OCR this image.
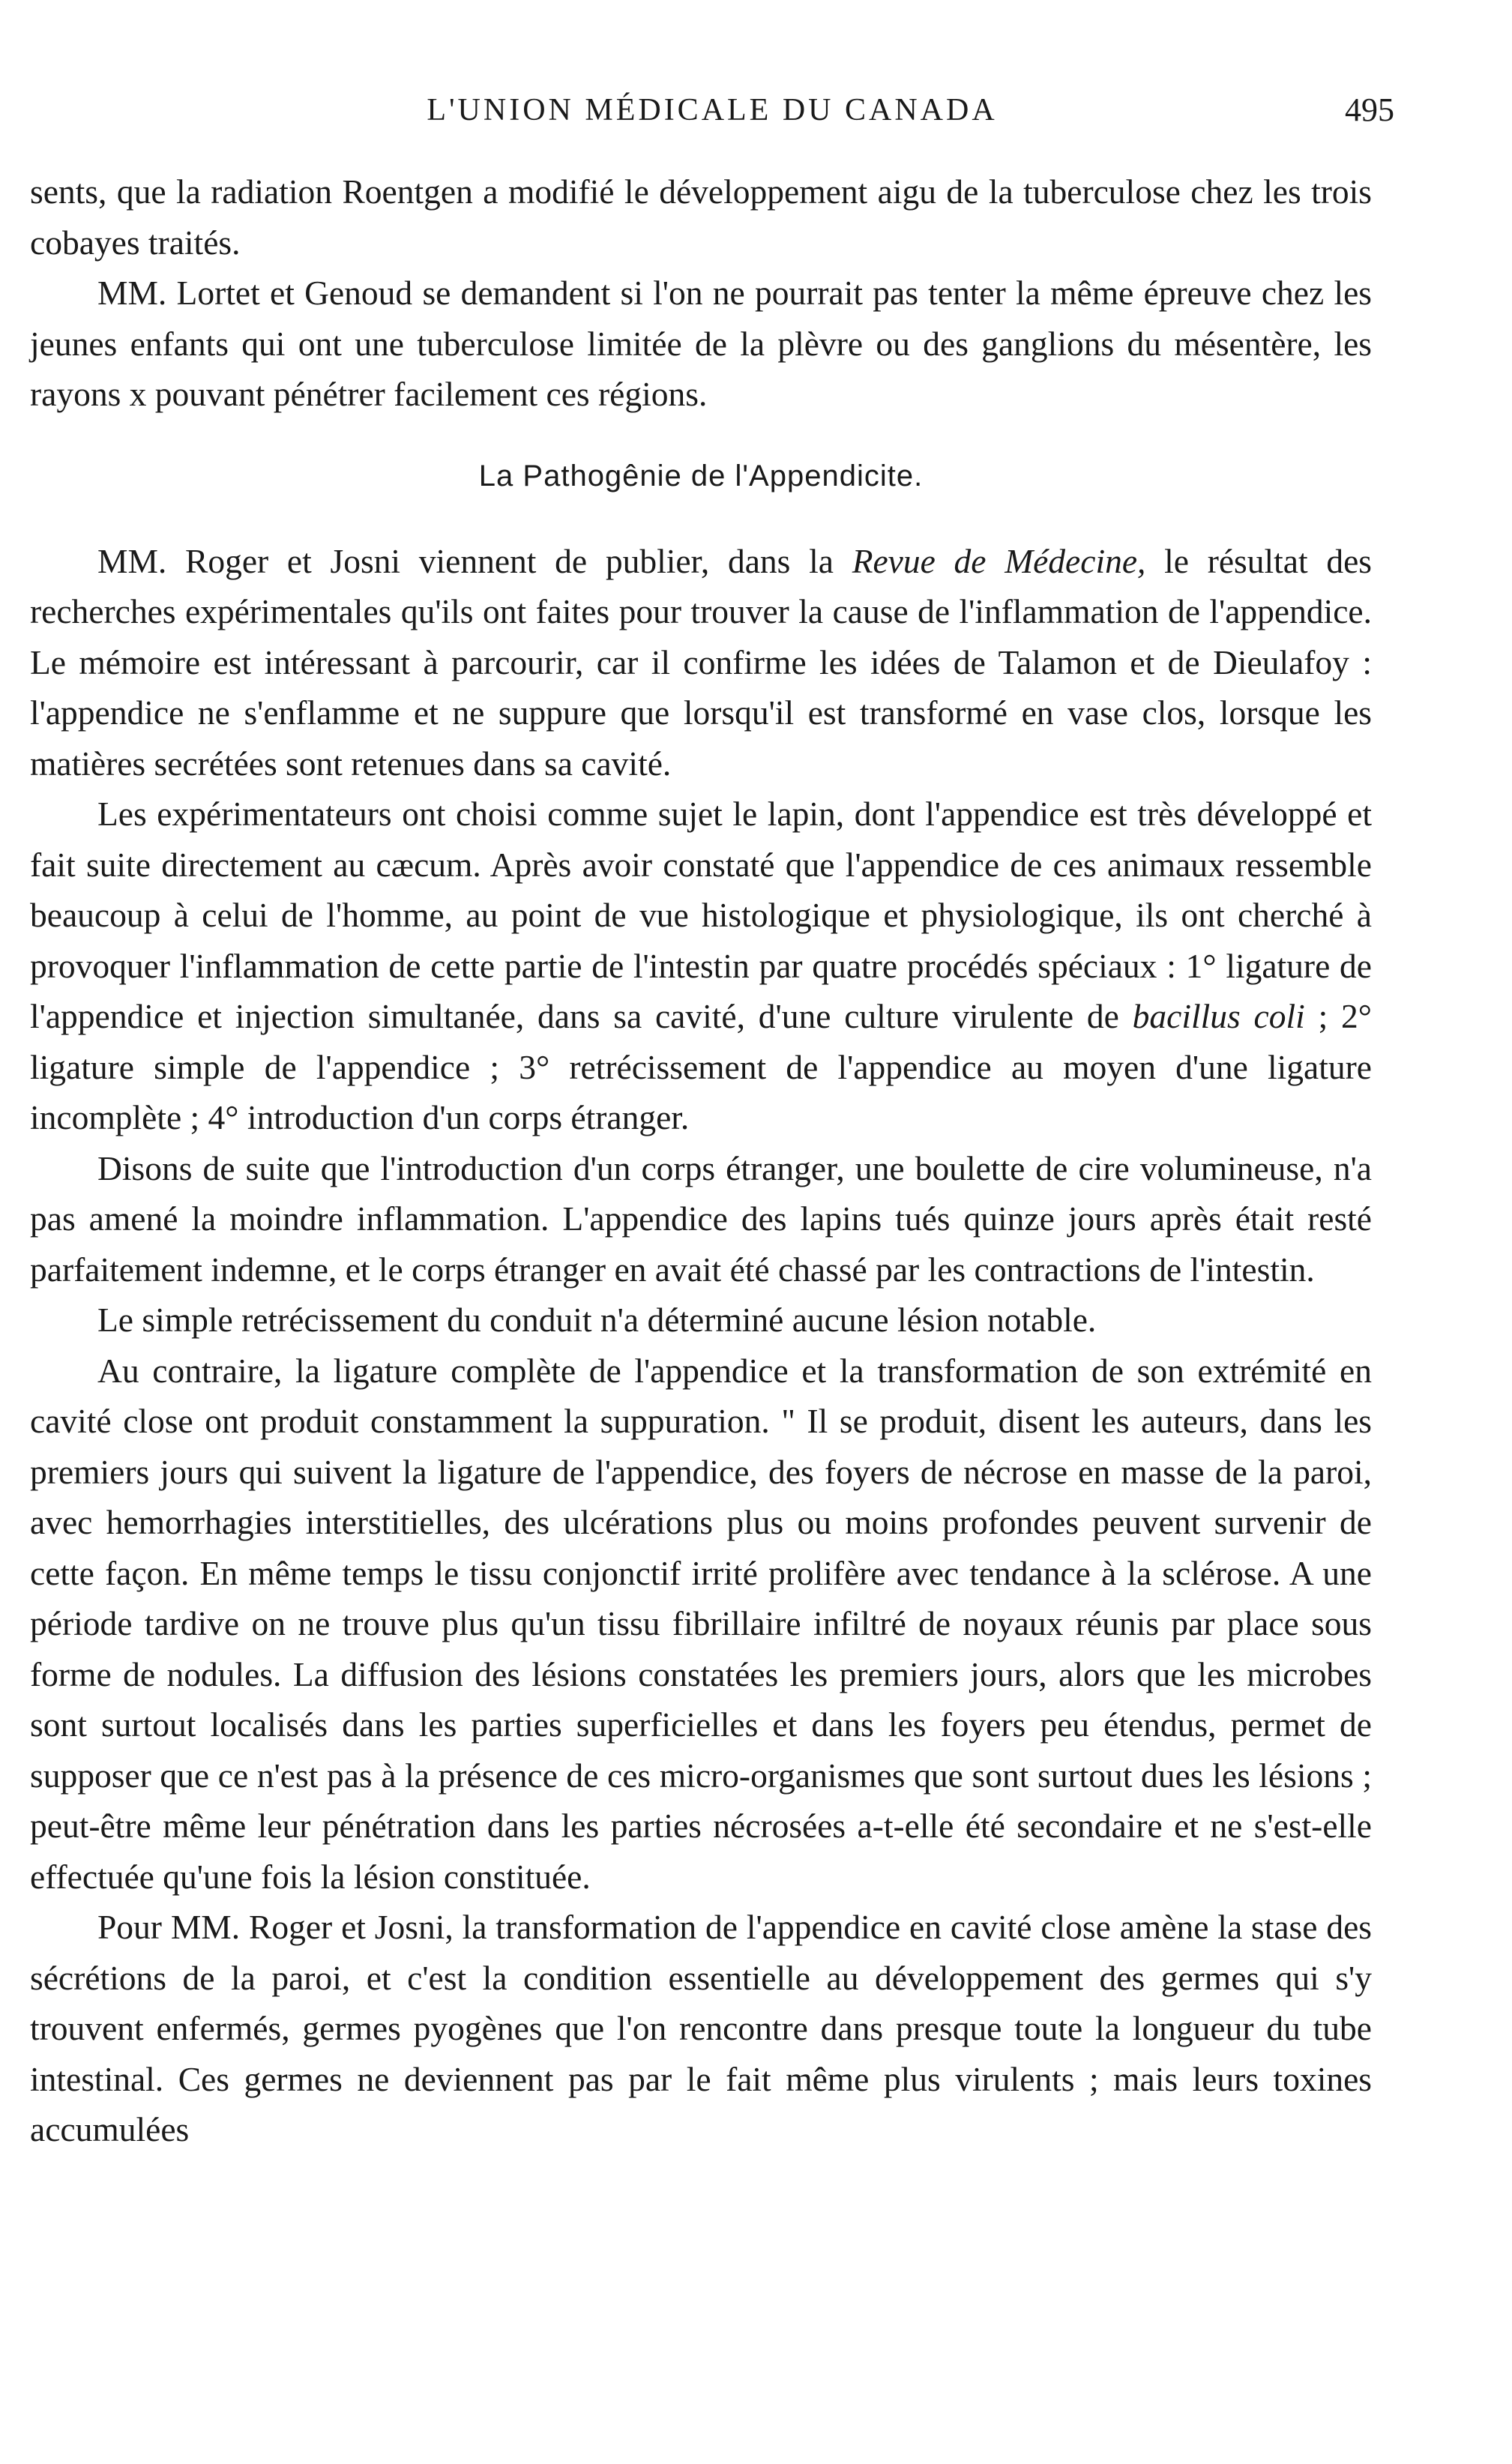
L'UNION MÉDICALE DU CANADA	495

sents, que la radiation Roentgen a modifié le développement aigu de la tuberculose chez les trois cobayes traités.

MM. Lortet et Genoud se demandent si l'on ne pourrait pas tenter la même épreuve chez les jeunes enfants qui ont une tuberculose limitée de la plèvre ou des ganglions du mésentère, les rayons x pouvant pénétrer facilement ces régions.

La Pathogênie de l'Appendicite.

MM. Roger et Josni viennent de publier, dans la Revue de Médecine, le résultat des recherches expérimentales qu'ils ont faites pour trouver la cause de l'inflammation de l'appendice. Le mémoire est intéressant à parcourir, car il confirme les idées de Talamon et de Dieulafoy : l'appendice ne s'enflamme et ne suppure que lorsqu'il est transformé en vase clos, lorsque les matières secrétées sont retenues dans sa cavité.

Les expérimentateurs ont choisi comme sujet le lapin, dont l'appendice est très développé et fait suite directement au cæcum. Après avoir constaté que l'appendice de ces animaux ressemble beaucoup à celui de l'homme, au point de vue histologique et physiologique, ils ont cherché à provoquer l'inflammation de cette partie de l'intestin par quatre procédés spéciaux : 1° ligature de l'appendice et injection simultanée, dans sa cavité, d'une culture virulente de bacillus coli ; 2° ligature simple de l'appendice ; 3° retrécissement de l'appendice au moyen d'une ligature incomplète ; 4° introduction d'un corps étranger.

Disons de suite que l'introduction d'un corps étranger, une boulette de cire volumineuse, n'a pas amené la moindre inflammation. L'appendice des lapins tués quinze jours après était resté parfaitement indemne, et le corps étranger en avait été chassé par les contractions de l'intestin.

Le simple retrécissement du conduit n'a déterminé aucune lésion notable.

Au contraire, la ligature complète de l'appendice et la transformation de son extrémité en cavité close ont produit constamment la suppuration. " Il se produit, disent les auteurs, dans les premiers jours qui suivent la ligature de l'appendice, des foyers de nécrose en masse de la paroi, avec hemorrhagies interstitielles, des ulcérations plus ou moins profondes peuvent survenir de cette façon. En même temps le tissu conjonctif irrité prolifère avec tendance à la sclérose. A une période tardive on ne trouve plus qu'un tissu fibrillaire infiltré de noyaux réunis par place sous forme de nodules. La diffusion des lésions constatées les premiers jours, alors que les microbes sont surtout localisés dans les parties superficielles et dans les foyers peu étendus, permet de supposer que ce n'est pas à la présence de ces micro-organismes que sont surtout dues les lésions ; peut-être même leur pénétration dans les parties nécrosées a-t-elle été secondaire et ne s'est-elle effectuée qu'une fois la lésion constituée.

Pour MM. Roger et Josni, la transformation de l'appendice en cavité close amène la stase des sécrétions de la paroi, et c'est la condition essentielle au développement des germes qui s'y trouvent enfermés, germes pyogènes que l'on rencontre dans presque toute la longueur du tube intestinal. Ces germes ne deviennent pas par le fait même plus virulents ; mais leurs toxines accumulées
